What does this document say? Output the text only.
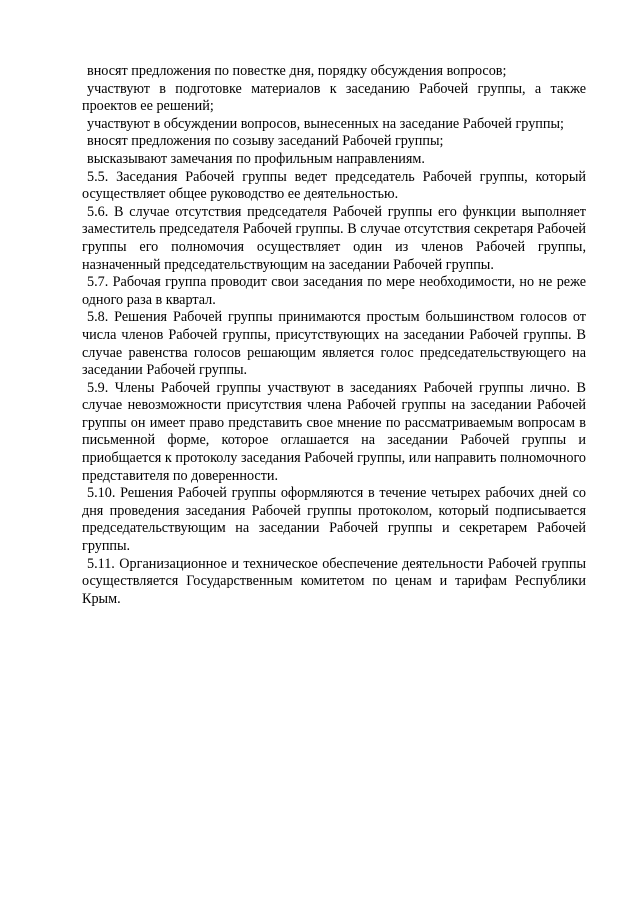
вносят предложения по повестке дня, порядку обсуждения вопросов;

участвуют в подготовке материалов к заседанию Рабочей группы, а также проектов ее решений;

участвуют в обсуждении вопросов, вынесенных на заседание Рабочей группы;

вносят предложения по созыву заседаний Рабочей группы;

высказывают замечания по профильным направлениям.

5.5. Заседания Рабочей группы ведет председатель Рабочей группы, который осуществляет общее руководство ее деятельностью.

5.6. В случае отсутствия председателя Рабочей группы его функции выполняет заместитель председателя Рабочей группы. В случае отсутствия секретаря Рабочей группы его полномочия осуществляет один из членов Рабочей группы, назначенный председательствующим на заседании Рабочей группы.

5.7. Рабочая группа проводит свои заседания по мере необходимости, но не реже одного раза в квартал.

5.8. Решения Рабочей группы принимаются простым большинством голосов от числа членов Рабочей группы, присутствующих на заседании Рабочей группы. В случае равенства голосов решающим является голос председательствующего на заседании Рабочей группы.

5.9. Члены Рабочей группы участвуют в заседаниях Рабочей группы лично. В случае невозможности присутствия члена Рабочей группы на заседании Рабочей группы он имеет право представить свое мнение по рассматриваемым вопросам в письменной форме, которое оглашается на заседании Рабочей группы и приобщается к протоколу заседания Рабочей группы, или направить полномочного представителя по доверенности.

5.10. Решения Рабочей группы оформляются в течение четырех рабочих дней со дня проведения заседания Рабочей группы протоколом, который подписывается председательствующим на заседании Рабочей группы и секретарем Рабочей группы.

5.11. Организационное и техническое обеспечение деятельности Рабочей группы осуществляется Государственным комитетом по ценам и тарифам Республики Крым.
